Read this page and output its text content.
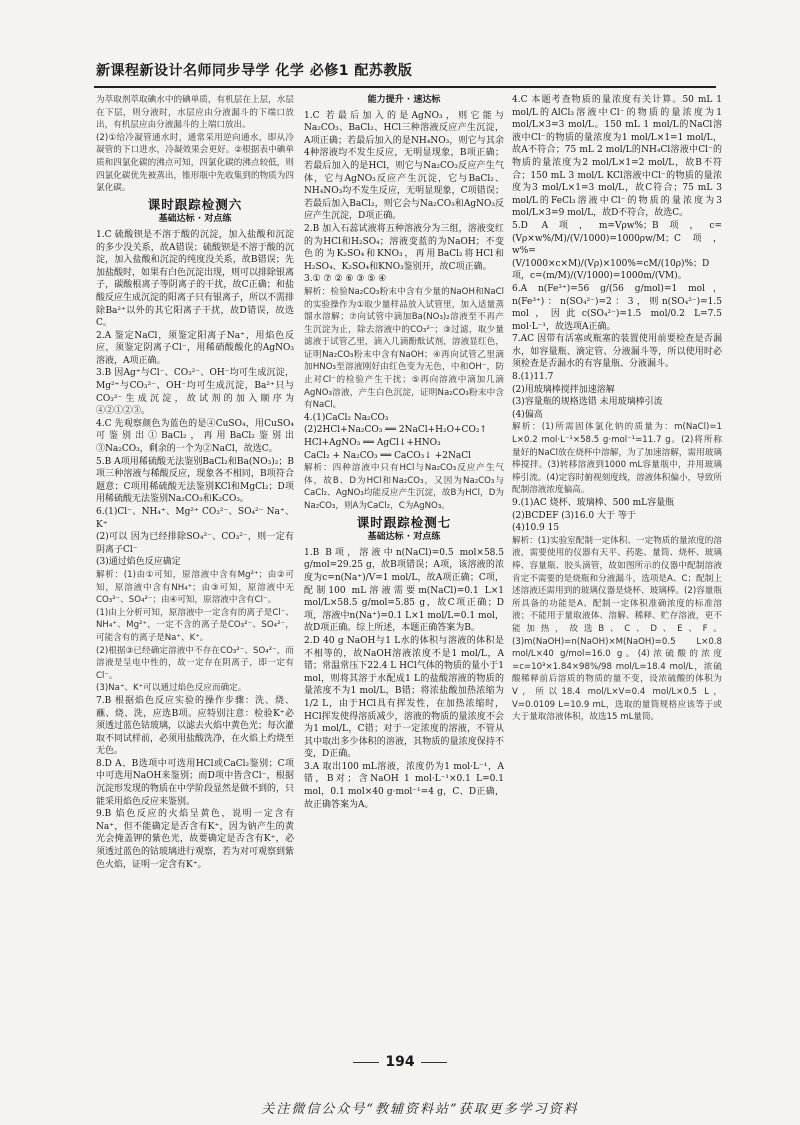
新课程新设计名师同步导学 化学 必修1 配苏教版

为萃取剂萃取碘水中的碘单质，有机层在上层，水层在下层，则分液时，水层应由分液漏斗的下端口放出，有机层应由分液漏斗的上端口放出。

(2)①给冷凝管通水时，通常采用逆向通水，即从冷凝管的下口进水，冷凝效果会更好。②根据表中碘单质和四氯化碳的沸点可知，四氯化碳的沸点较低，则四氯化碳优先被蒸出，锥形瓶中先收集到的物质为四氯化碳。

课时跟踪检测六
基础达标 · 对点练

1.C 硫酸钡是不溶于酸的沉淀，加入盐酸和沉淀的多少没关系，故A错误；硫酸钡是不溶于酸的沉淀，加入盐酸和沉淀的纯度没关系，故B错误；先加盐酸时，如果有白色沉淀出现，则可以排除银离子，碳酸根离子等阴离子的干扰，故C正确；和盐酸反应生成沉淀的阳离子只有银离子，所以不需排除Ba²⁺以外的其它阳离子干扰，故D错误，故选C。

2.A 鉴定NaCl，须鉴定阳离子Na⁺，用焰色反应，须鉴定阴离子Cl⁻，用稀硝酸酸化的AgNO₃溶液，A项正确。

3.B 因Ag⁺与Cl⁻、CO₃²⁻、OH⁻均可生成沉淀，Mg²⁺与CO₃²⁻、OH⁻均可生成沉淀，Ba²⁺只与CO₃²⁻生成沉淀，故试剂的加入顺序为④②①②③。

4.C 先观察颜色为蓝色的是④CuSO₄，用CuSO₄可鉴别出①BaCl₂，再用BaCl₂鉴别出③Na₂CO₃，剩余的一个为②NaCl，故选C。

5.B A项用稀硫酸无法鉴别BaCl₂和Ba(NO₃)₂；B项三种溶液与稀酸反应，现象各不相同，B项符合题意；C项用稀硫酸无法鉴别KCl和MgCl₂；D项用稀硫酸无法鉴别Na₂CO₃和K₂CO₃。

6.(1)Cl⁻、NH₄⁺、Mg²⁺ CO₃²⁻、SO₄²⁻ Na⁺、K⁺

(2)可以 因为已经排除SO₄²⁻、CO₃²⁻，则一定有阴离子Cl⁻

(3)通过焰色反应确定

解析：(1)由①可知，原溶液中含有Mg²⁺；由②可知，原溶液中含有NH₄⁺；由③可知，原溶液中无CO₃²⁻、SO₄²⁻；由④可知，原溶液中含有Cl⁻。

(1)由上分析可知，原溶液中一定含有的离子是Cl⁻、NH₄⁺、Mg²⁺，一定不含的离子是CO₃²⁻、SO₄²⁻，可能含有的离子是Na⁺、K⁺。

(2)根据③已经确定溶液中不存在CO₃²⁻、SO₄²⁻，而溶液是呈电中性的，故一定存在阴离子，即一定有Cl⁻。

(3)Na⁺、K⁺可以通过焰色反应而确定。

7.B 根据焰色反应实验的操作步骤：洗、烧、蘸、烧、洗，应选B项。应特别注意：检验K⁺必须透过蓝色钴玻璃，以滤去火焰中黄色光；每次灌取不同试样前，必须用盐酸洗净，在火焰上灼烧至无色。

8.D A、B选项中可选用HCl或CaCl₂鉴别；C项中可选用NaOH来鉴别；而D项中皆含Cl⁻，根据沉淀形发现的物质在中学阶段显然是做不到的，只能采用焰色反应来鉴别。

9.B 焰色反应的火焰呈黄色，说明一定含有Na⁺，但不能确定是否含有K⁺，因为钠产生的黄光会掩盖钾的紫色光，故要确定是否含有K⁺，必须透过蓝色的钴玻璃进行观察，若为对可观察到紫色火焰，证明一定含有K⁺。

能力提升 · 速达标

1.C 若最后加入的是AgNO₃，则它能与Na₂CO₃、BaCl₂、HCl三种溶液反应产生沉淀，A项正确；若最后加入的是NH₄NO₃，则它与其余4种溶液均不发生反应，无明显现象，B项正确；若最后加入的是HCl，则它与Na₂CO₃反应产生气体，它与AgNO₃反应产生沉淀，它与BaCl₂、NH₄NO₃均不发生反应，无明显现象，C项错误；若最后加入BaCl₂，则它会与Na₂CO₃和AgNO₃反应产生沉淀，D项正确。

2.B 加入石蕊试液将五种溶液分为三组，溶液变红的为HCl和H₂SO₄；溶液变蓝的为NaOH；不变色的为K₂SO₄和KNO₃，再用BaCl₂将HCl和H₂SO₄、K₂SO₄和KNO₃鉴别开，故C项正确。

3.① ⑦ ② ⑥ ③ ⑤ ④

解析：检验Na₂CO₃粉末中含有少量的NaOH和NaCl的实验操作为①取少量样品放入试管里，加入适量蒸馏水溶解；⑦向试管中滴加Ba(NO₃)₂溶液至不再产生沉淀为止，除去溶液中的CO₃²⁻；③过滤，取少量滤液于试管乙里，滴入几滴酚酞试剂，溶液显红色，证明Na₂CO₃粉末中含有NaOH；④再向试管乙里滴加HNO₃至溶液刚好由红色变为无色，中和OH⁻，防止对Cl⁻的检验产生干扰；⑤再向溶液中滴加几滴AgNO₃溶液，产生白色沉淀，证明Na₂CO₃粉末中含有NaCl。

4.(1)CaCl₂ Na₂CO₃

(2)2HCl+Na₂CO₃ ══ 2NaCl+H₂O+CO₂↑

HCl+AgNO₃ ══ AgCl↓+HNO₃

CaCl₂ + Na₂CO₃ ══ CaCO₃↓ +2NaCl

解析：四种溶液中只有HCl与Na₂CO₃反应产生气体，故B、D为HCl和Na₂CO₃，又因为Na₂CO₃与CaCl₂、AgNO₃均能反应产生沉淀，故B为HCl，D为Na₂CO₃，则A为CaCl₂，C为AgNO₃。

课时跟踪检测七
基础达标 · 对点练

1.B B项，溶液中n(NaCl)=0.5 mol×58.5 g/mol=29.25 g，故B项错误；A项，该溶液的浓度为c=n(Na⁺)/V=1 mol/L，故A项正确；C项，配制100 mL溶液需要m(NaCl)=0.1 L×1 mol/L×58.5 g/mol=5.85 g，故C项正确；D项，溶液中n(Na⁺)=0.1 L×1 mol/L=0.1 mol，故D项正确。综上所述，本题正确答案为B。

2.D 40 g NaOH与1 L水的体积与溶液的体积是不相等的，故NaOH溶液浓度不是1 mol/L，A错；常温常压下22.4 L HCl气体的物质的量小于1 mol，则将其溶于水配成1 L的盐酸溶液的物质的量浓度不为1 mol/L，B错；将浓盐酸加热浓缩为1/2 L，由于HCl具有挥发性，在加热浓缩时，HCl挥发使得溶质减少，溶液的物质的量浓度不会为1 mol/L，C错；对于一定浓度的溶液，不管从其中取出多少体积的溶液，其物质的量浓度保持不变，D正确。

3.A 取出100 mL溶液，浓度仍为1 mol·L⁻¹，A错，B对；含NaOH 1 mol·L⁻¹×0.1 L=0.1 mol，0.1 mol×40 g·mol⁻¹=4 g，C、D正确，故正确答案为A。

4.C 本题考查物质的量浓度有关计算。50 mL 1 mol/L的AlCl₃溶液中Cl⁻的物质的量浓度为1 mol/L×3=3 mol/L。150 mL 1 mol/L的NaCl溶液中Cl⁻的物质的量浓度为1 mol/L×1=1 mol/L，故A不符合；75 mL 2 mol/L的NH₄Cl溶液中Cl⁻的物质的量浓度为2 mol/L×1=2 mol/L，故B不符合；150 mL 3 mol/L KCl溶液中Cl⁻的物质的量浓度为3 mol/L×1=3 mol/L，故C符合；75 mL 3 mol/L的FeCl₃溶液中Cl⁻的物质的量浓度为3 mol/L×3=9 mol/L，故D不符合，故选C。

5.D A项，m=Vρw%；B项，c=(Vρ×w%/M)/(V/1000)=1000ρw/M；C项，w%=(V/1000×c×M)/(Vρ)×100%=cM/(10ρ)%；D项，c=(m/M)/(V/1000)=1000m/(VM)。

6.A n(Fe³⁺)=56 g/(56 g/mol)=1 mol，n(Fe³⁺)：n(SO₄²⁻)=2：3，则n(SO₄²⁻)=1.5 mol，因此c(SO₄²⁻)=1.5 mol/0.2 L=7.5 mol·L⁻¹，故选项A正确。

7.AC 因带有活塞或瓶塞的装置使用前要检查是否漏水，如容量瓶、滴定管、分液漏斗等，所以使用时必须检查是否漏水的有容量瓶、分液漏斗。

8.(1)11.7

(2)用玻璃棒搅拌加速溶解

(3)容量瓶的规格选错 未用玻璃棒引流

(4)偏高

解析：(1)所需固体氯化钠的质量为：m(NaCl)=1 L×0.2 mol·L⁻¹×58.5 g·mol⁻¹=11.7 g。(2)将所称量好的NaCl放在烧杯中溶解，为了加速溶解，需用玻璃棒搅拌。(3)转移溶液到1000 mL容量瓶中，并用玻璃棒引流。(4)定容时俯视刻度线，溶液体积偏小，导致所配制溶液浓度偏高。

9.(1)AC 烧杯、玻璃棒、500 mL容量瓶

(2)BCDEF (3)16.0 大于 等于

(4)10.9 15

解析：(1)实验室配制一定体积、一定物质的量浓度的溶液，需要使用的仪器有天平、药匙、量筒、烧杯、玻璃棒、容量瓶、胶头滴管，故如图所示的仪器中配制溶液肯定不需要的是烧瓶和分液漏斗，选项是A、C；配制上述溶液还需用到的玻璃仪器是烧杯、玻璃棒。(2)容量瓶所具备的功能是A、配制一定体积准确浓度的标准溶液；不能用于量取液体、溶解、稀释、贮存溶液，更不能加热，故选B、C、D、E、F。(3)m(NaOH)=n(NaOH)×M(NaOH)=0.5 L×0.8 mol/L×40 g/mol=16.0 g。(4)浓硫酸的浓度=c=10³×1.84×98%/98 mol/L=18.4 mol/L，浓硫酸稀释前后溶质的物质的量不变，设浓硫酸的体积为V，所以18.4 mol/L×V=0.4 mol/L×0.5 L，V=0.0109 L=10.9 mL，选取的量筒规格应该等于或大于量取溶液体积，故选15 mL量筒。

194
关注微信公众号“教辅资料站”获取更多学习资料
